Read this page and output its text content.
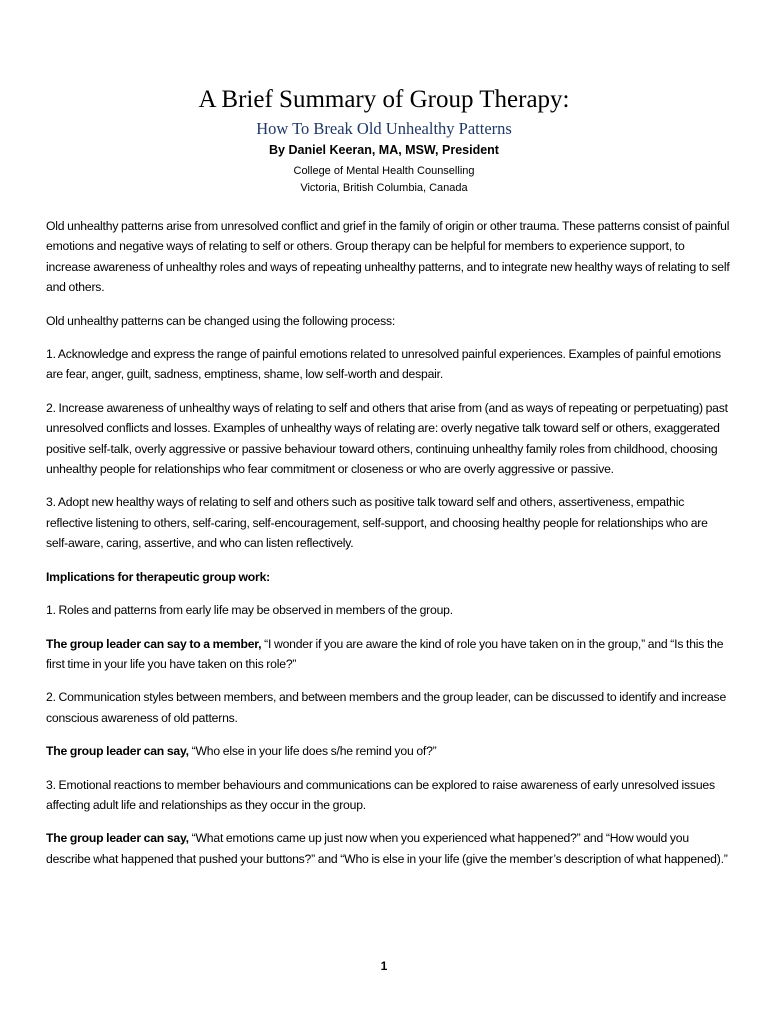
A Brief Summary of Group Therapy:
How To Break Old Unhealthy Patterns
By Daniel Keeran, MA, MSW, President
College of Mental Health Counselling
Victoria, British Columbia, Canada

Old unhealthy patterns arise from unresolved conflict and grief in the family of origin or other trauma. These patterns consist of painful emotions and negative ways of relating to self or others. Group therapy can be helpful for members to experience support, to increase awareness of unhealthy roles and ways of repeating unhealthy patterns, and to integrate new healthy ways of relating to self and others.

Old unhealthy patterns can be changed using the following process:

1. Acknowledge and express the range of painful emotions related to unresolved painful experiences. Examples of painful emotions are fear, anger, guilt, sadness, emptiness, shame, low self-worth and despair.

2. Increase awareness of unhealthy ways of relating to self and others that arise from (and as ways of repeating or perpetuating) past unresolved conflicts and losses. Examples of unhealthy ways of relating are: overly negative talk toward self or others, exaggerated positive self-talk, overly aggressive or passive behaviour toward others, continuing unhealthy family roles from childhood, choosing unhealthy people for relationships who fear commitment or closeness or who are overly aggressive or passive.

3. Adopt new healthy ways of relating to self and others such as positive talk toward self and others, assertiveness, empathic reflective listening to others, self-caring, self-encouragement, self-support, and choosing healthy people for relationships who are self-aware, caring, assertive, and who can listen reflectively.

Implications for therapeutic group work:

1. Roles and patterns from early life may be observed in members of the group.

The group leader can say to a member, “I wonder if you are aware the kind of role you have taken on in the group,” and “Is this the first time in your life you have taken on this role?”

2. Communication styles between members, and between members and the group leader, can be discussed to identify and increase conscious awareness of old patterns.

The group leader can say, “Who else in your life does s/he remind you of?”

3. Emotional reactions to member behaviours and communications can be explored to raise awareness of early unresolved issues affecting adult life and relationships as they occur in the group.

The group leader can say, “What emotions came up just now when you experienced what happened?” and “How would you describe what happened that pushed your buttons?” and “Who is else in your life (give the member’s description of what happened).”

1
